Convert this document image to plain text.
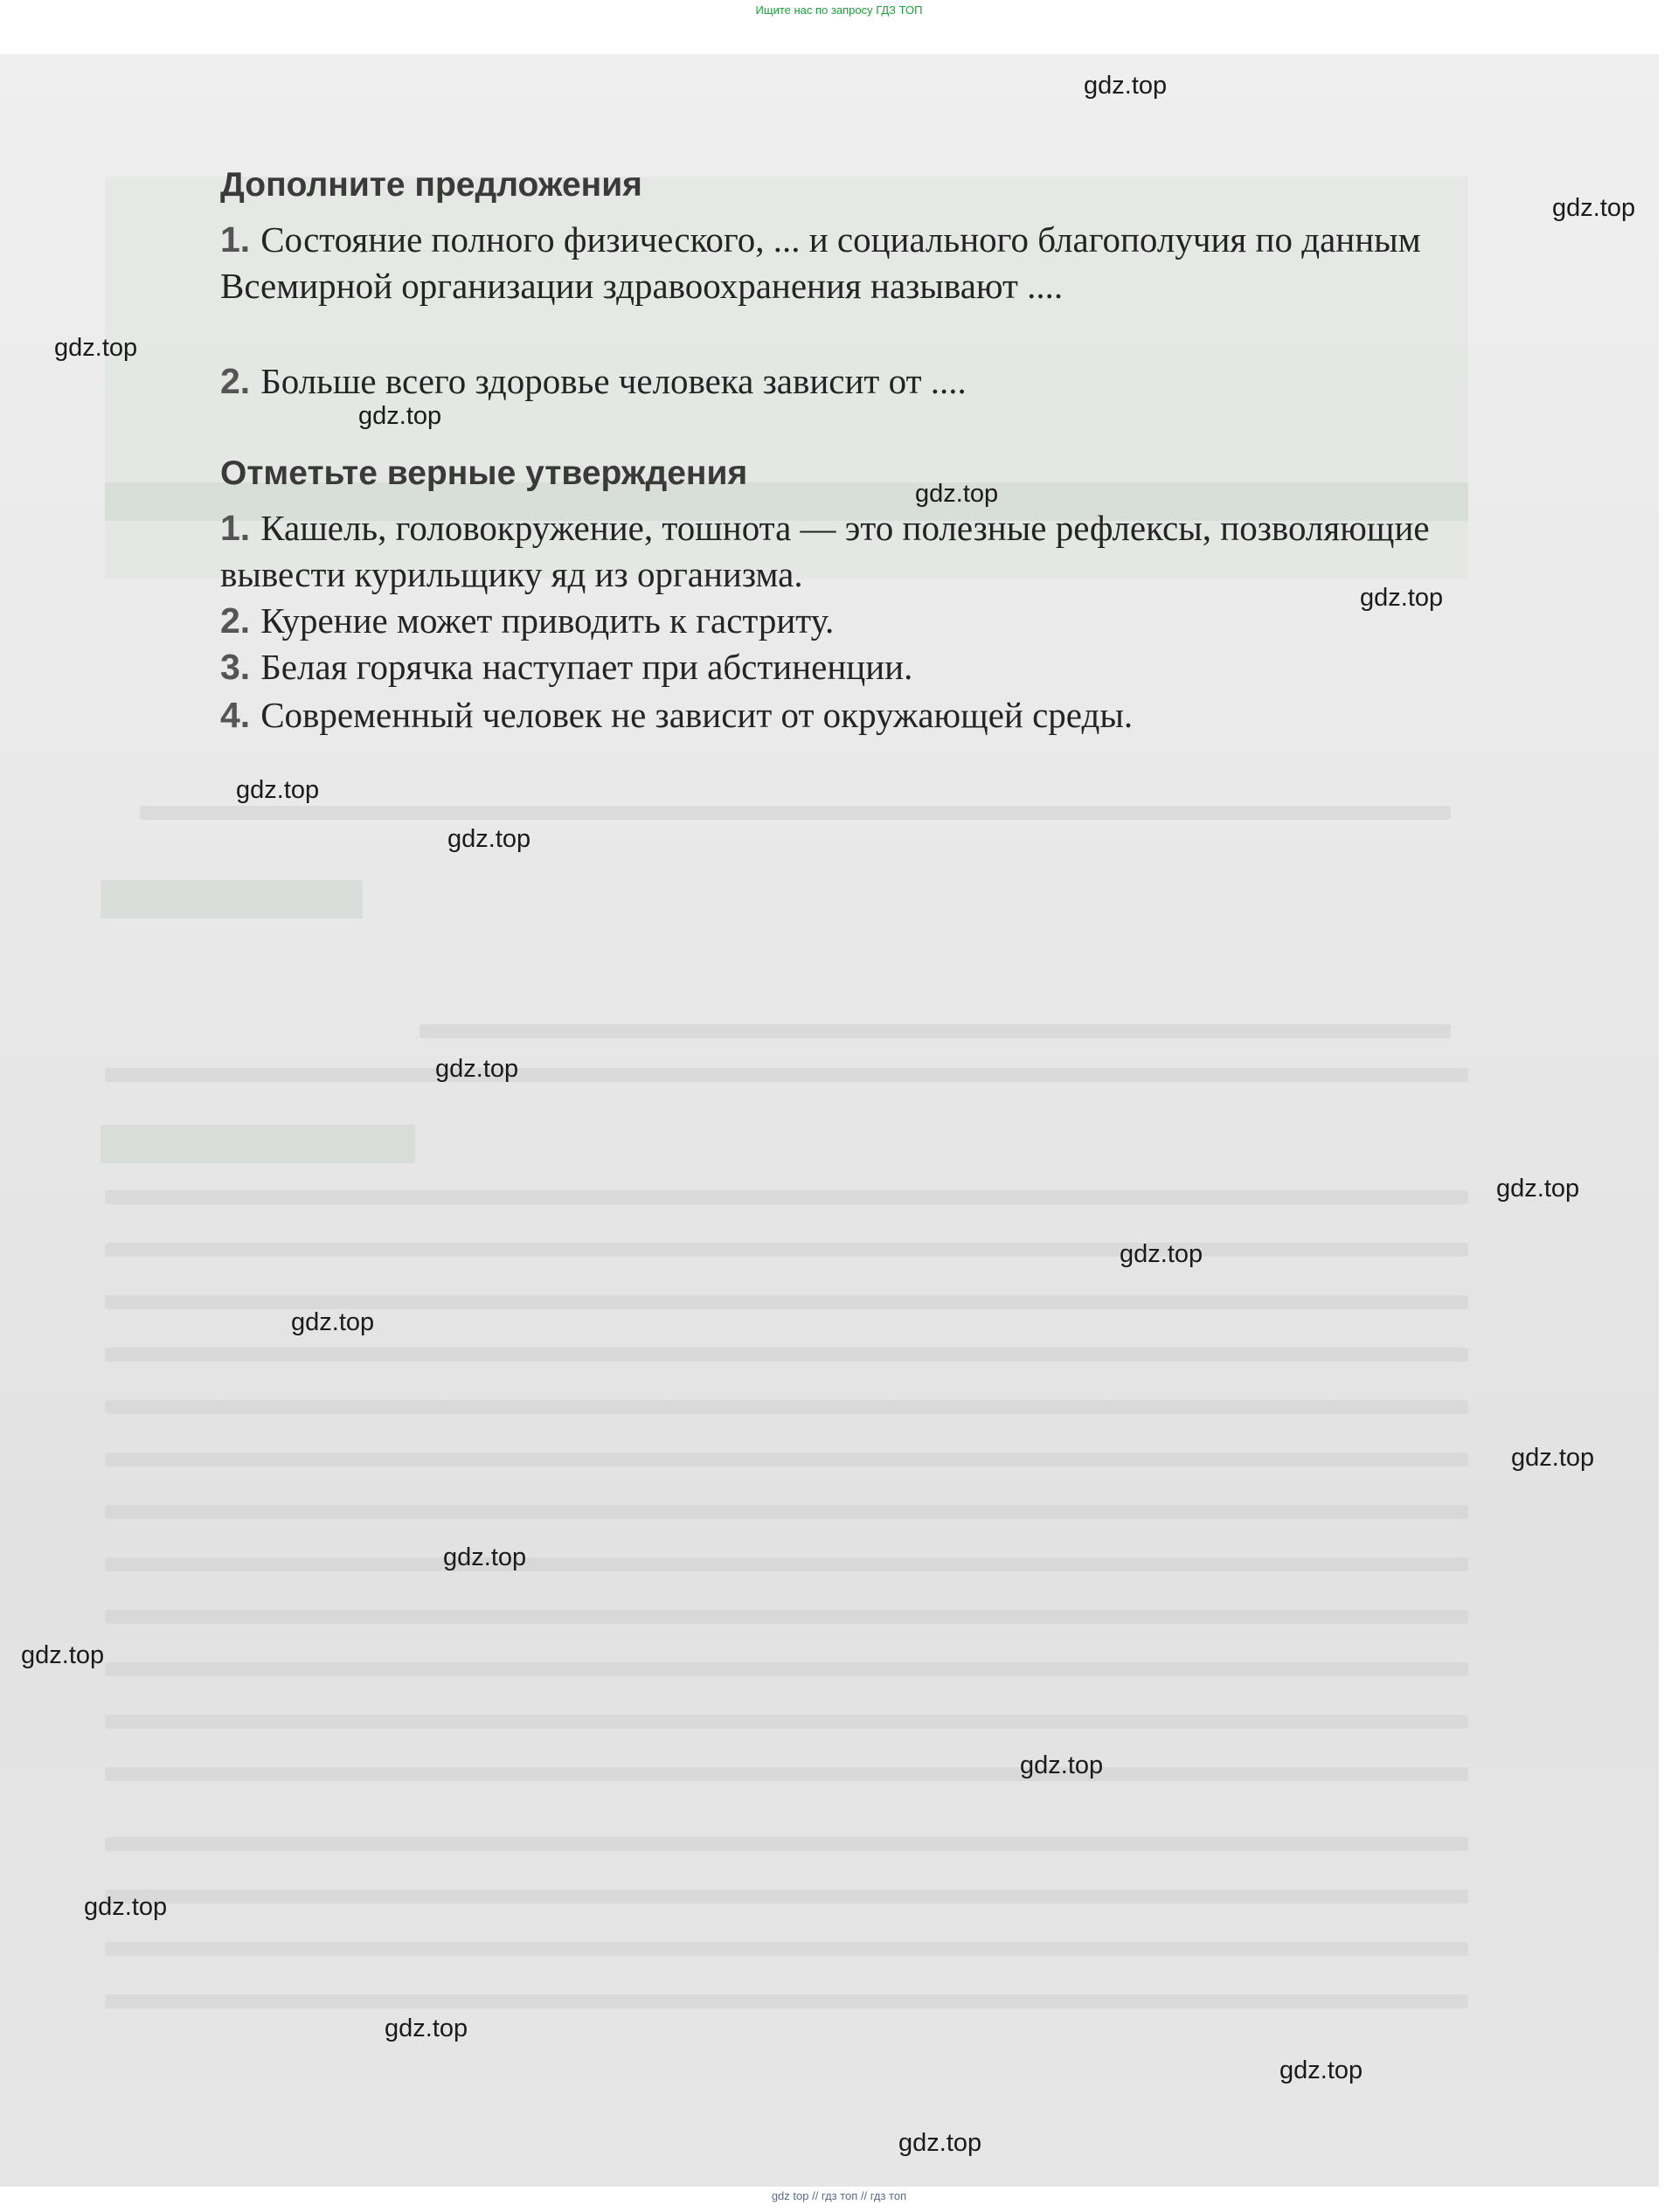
Ищите нас по запросу ГДЗ ТОП
Дополните предложения
1. Состояние полного физического, ... и социального благополучия по данным Всемирной организации здравоохранения называют ....
2. Больше всего здоровье человека зависит от ....
Отметьте верные утверждения
1. Кашель, головокружение, тошнота — это полезные рефлексы, позволяющие вывести курильщику яд из организма.
2. Курение может приводить к гастриту.
3. Белая горячка наступает при абстиненции.
4. Современный человек не зависит от окружающей среды.
gdz.top
gdz.top
gdz.top
gdz.top
gdz.top
gdz.top
gdz.top
gdz.top
gdz.top
gdz.top
gdz.top
gdz.top
gdz.top
gdz.top
gdz.top
gdz.top
gdz.top
gdz.top
gdz.top
gdz.top
gdz top // гдз топ // гдз топ
